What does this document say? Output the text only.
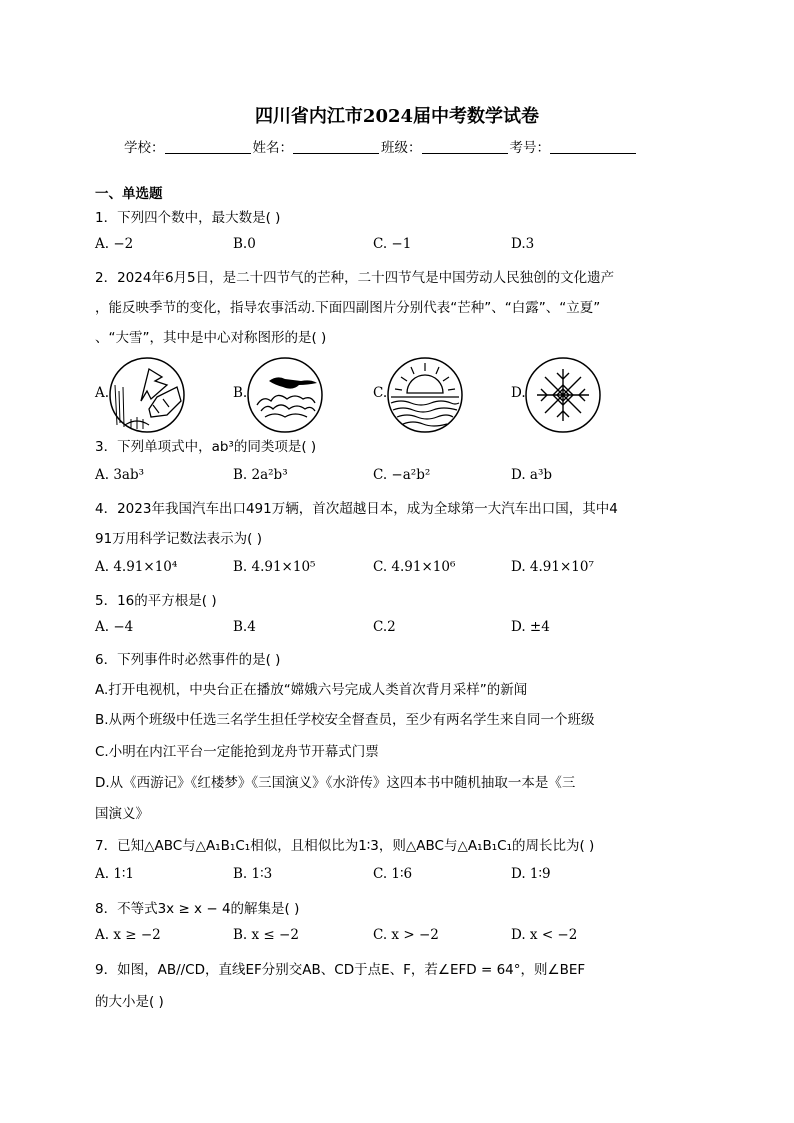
四川省内江市2024届中考数学试卷
学校：	姓名：	班级：	考号：
一、单选题
1．下列四个数中，最大数是( )
A. −2	B.0	C. −1	D.3
2．2024年6月5日，是二十四节气的芒种，二十四节气是中国劳动人民独创的文化遗产
，能反映季节的变化，指导农事活动.下面四副图片分别代表“芒种”、“白露”、“立夏”
、“大雪”，其中是中心对称图形的是( )
A.	B.	C.	D.
3．下列单项式中，ab³的同类项是( )
A. 3ab³	B. 2a²b³	C. −a²b²	D. a³b
4．2023年我国汽车出口491万辆，首次超越日本，成为全球第一大汽车出口国，其中4
91万用科学记数法表示为( )
A. 4.91×10⁴	B. 4.91×10⁵	C. 4.91×10⁶	D. 4.91×10⁷
5．16的平方根是( )
A. −4	B.4	C.2	D. ±4
6．下列事件时必然事件的是( )
A.打开电视机，中央台正在播放“嫦娥六号完成人类首次背月采样”的新闻
B.从两个班级中任选三名学生担任学校安全督查员，至少有两名学生来自同一个班级
C.小明在内江平台一定能抢到龙舟节开幕式门票
D.从《西游记》《红楼梦》《三国演义》《水浒传》这四本书中随机抽取一本是《三
国演义》
7．已知△ABC与△A₁B₁C₁相似，且相似比为1∶3，则△ABC与△A₁B₁C₁的周长比为( )
A. 1∶1	B. 1∶3	C. 1∶6	D. 1∶9
8．不等式3x ≥ x − 4的解集是( )
A. x ≥ −2	B. x ≤ −2	C. x > −2	D. x < −2
9．如图，AB//CD，直线EF分别交AB、CD于点E、F，若∠EFD = 64°，则∠BEF
的大小是( )
